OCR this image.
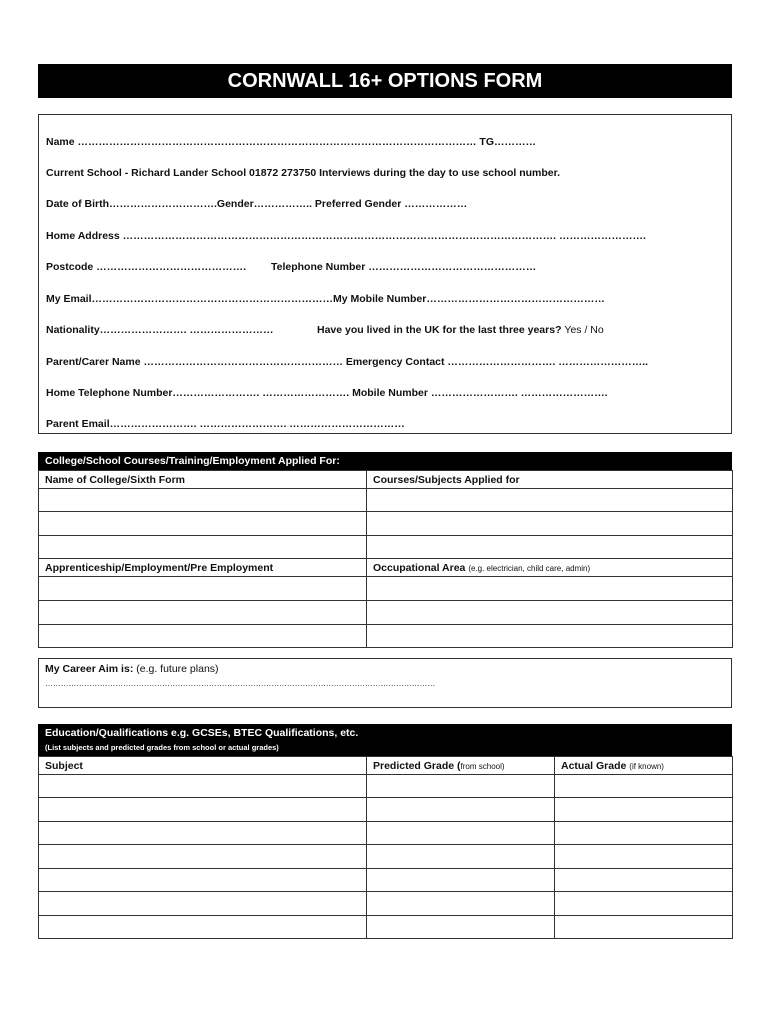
CORNWALL 16+ OPTIONS FORM
Name …………………………………………………………………………………………………… TG…………
Current School - Richard Lander School 01872 273750 Interviews during the day to use school number.
Date of Birth………………………….Gender…………….. Preferred Gender ………………
Home Address ……………………………………………………………………………………………………………. …………………….
Postcode ……………………………………. Telephone Number …………………………………………
My Email……………………………………………………………My Mobile Number……………………………………………
Nationality……………………. ……………………	Have you lived in the UK for the last three years? Yes / No
Parent/Carer Name ………………………………………………… Emergency Contact …………………………. ……………………..
Home Telephone Number……………………. ……………………. Mobile Number ……………………. …………………….
Parent Email……………………. ……………………. ……………………………
College/School Courses/Training/Employment Applied For:
Name of College/Sixth Form	Courses/Subjects Applied for

Apprenticeship/Employment/Pre Employment	Occupational Area (e.g. electrician, child care, admin)

My Career Aim is: (e.g. future plans)
……………………………………………………………………………………………………………………………………
Education/Qualifications e.g. GCSEs, BTEC Qualifications, etc.
(List subjects and predicted grades from school or actual grades)
Subject	Predicted Grade (from school)	Actual Grade (if known)
